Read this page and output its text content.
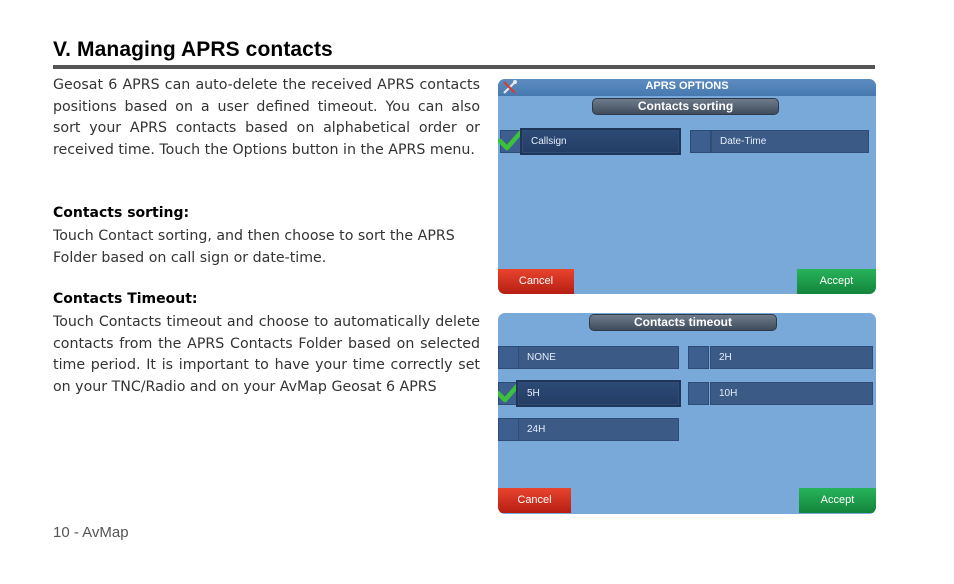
V. Managing APRS contacts

Geosat 6 APRS can auto-delete the received APRS contacts positions based on a user defined timeout. You can also sort your APRS contacts based on alphabetical order or received time. Touch the Options button in the APRS menu.

Contacts sorting:

Touch Contact sorting, and then choose to sort the APRS Folder based on call sign or date-time.

Contacts Timeout:

Touch Contacts timeout and choose to automatically delete contacts from the APRS Contacts Folder based on selected time period. It is important to have your time correctly set on your TNC/Radio and on your AvMap Geosat 6 APRS

10 - AvMap
APRS OPTIONS
Contacts sorting
Callsign	Date-Time
Cancel	Accept
Contacts timeout
NONE	2H
5H	10H
24H
Cancel	Accept
